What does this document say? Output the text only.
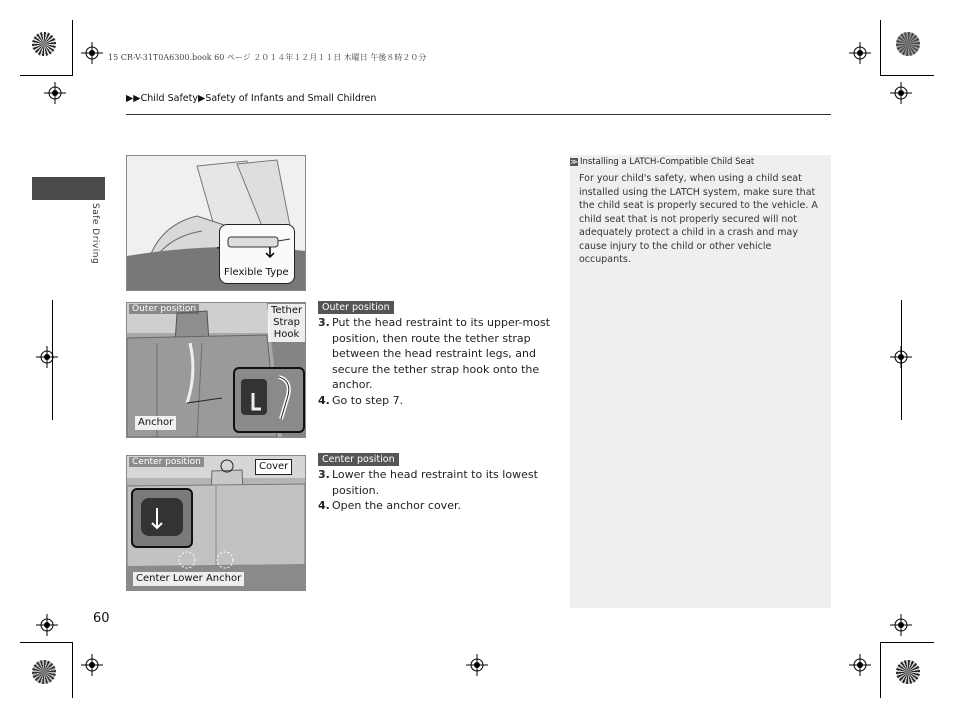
15 CR-V-31T0A6300.book 60 ページ ２０１４年１２月１１日 木曜日 午後８時２０分
▶▶Child Safety▶Safety of Infants and Small Children
Safe Driving
60
Flexible Type
Outer position	Tether
Strap
Hook
Anchor
Center position	Cover
Center Lower Anchor
Outer position
3. Put the head restraint to its upper-most position, then route the tether strap between the head restraint legs, and secure the tether strap hook onto the anchor.
4. Go to step 7.
Center position
3. Lower the head restraint to its lowest position.
4. Open the anchor cover.
≫ Installing a LATCH-Compatible Child Seat
For your child's safety, when using a child seat installed using the LATCH system, make sure that the child seat is properly secured to the vehicle. A child seat that is not properly secured will not adequately protect a child in a crash and may cause injury to the child or other vehicle occupants.
